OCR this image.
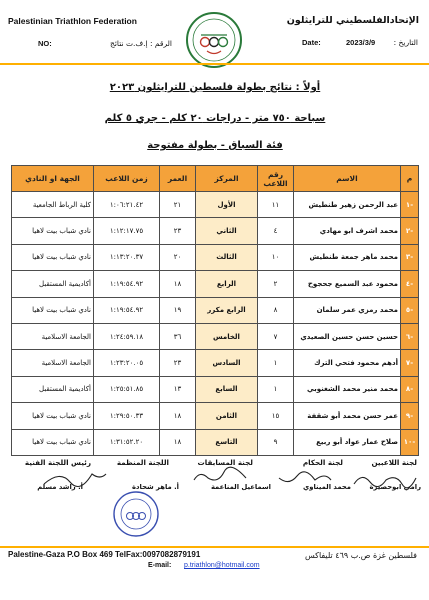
Palestinian Triathlon Federation	الإتحادالفلسطيني للترايثلون
NO:	الرقم : إ.ف.ت نتائج	Date:	2023/3/9 التاريخ :
أولاً : نتائج بطولة فلسطين للترايثلون ٢٠٢٣
سباحة ٧٥٠ متر - دراجات ٢٠ كلم - جري ٥ كلم
فئة السباق - بطولة مفتوحة
م	الاسم	رقم اللاعب	المركز	العمر	زمن اللاعب	الجهة او النادي
-١	عبد الرحمن زهير طنطيش	١١	الأول	٢١	١:٠٦:٢١.٤٢	كلية الرباط الجامعية
-٢	محمد اشرف ابو مهادي	٤	الثاني	٢٣	١:١٢:١٧.٧٥	نادي شباب بيت لاهيا
-٣	محمد ماهر جمعة طنطيش	١٠	الثالث	٢٠	١:١٣:٢٠.٣٧	نادي شباب بيت لاهيا
-٤	محمود عبد السميع جحجوح	٢	الرابع	١٨	١:١٩:٥٤.٩٢	أكاديمية المستقبل
-٥	محمد رمزي عمر سلمان	٨	الرابع مكرر	١٩	١:١٩:٥٤.٩٢	نادي شباب بيت لاهيا
-٦	حسين حسن حسين الصعيدي	٧	الخامس	٣٦	١:٢٤:٥٩.١٨	الجامعة الاسلامية
-٧	أدهم محمود فتحي الترك	١	السادس	٢٣	١:٢٣:٢٠.٠٥	الجامعة الاسلامية
-٨	محمد منير محمد الشغنوبي	١	السابع	١٣	١:٢٥:٥١.٨٥	أكاديمية المستقبل
-٩	عمر حسن محمد أبو شقفة	١٥	الثامن	١٨	١:٢٩:٥٠.٣٣	نادي شباب بيت لاهيا
-١٠	صلاح عمار عواد أبو ربيع	٩	التاسع	١٨	١:٣١:٥٢.٢٠	نادي شباب بيت لاهيا
لجنة اللاعبين
لجنة الحكام
لجنة المسابقات
اللجنة المنظمة
رئيس اللجنة الفنية
رامي ابوحصيرة
محمد الميناوي
اسماعيل المناعمة
أ. ماهر شحادة
أ. راشد مسلم
Palestine-Gaza P.O Box 469 TelFax:0097082879191	فلسطين غزة ص.ب ٤٦٩ تليفاكس
E-mail: p.triathlon@hotmail.com
